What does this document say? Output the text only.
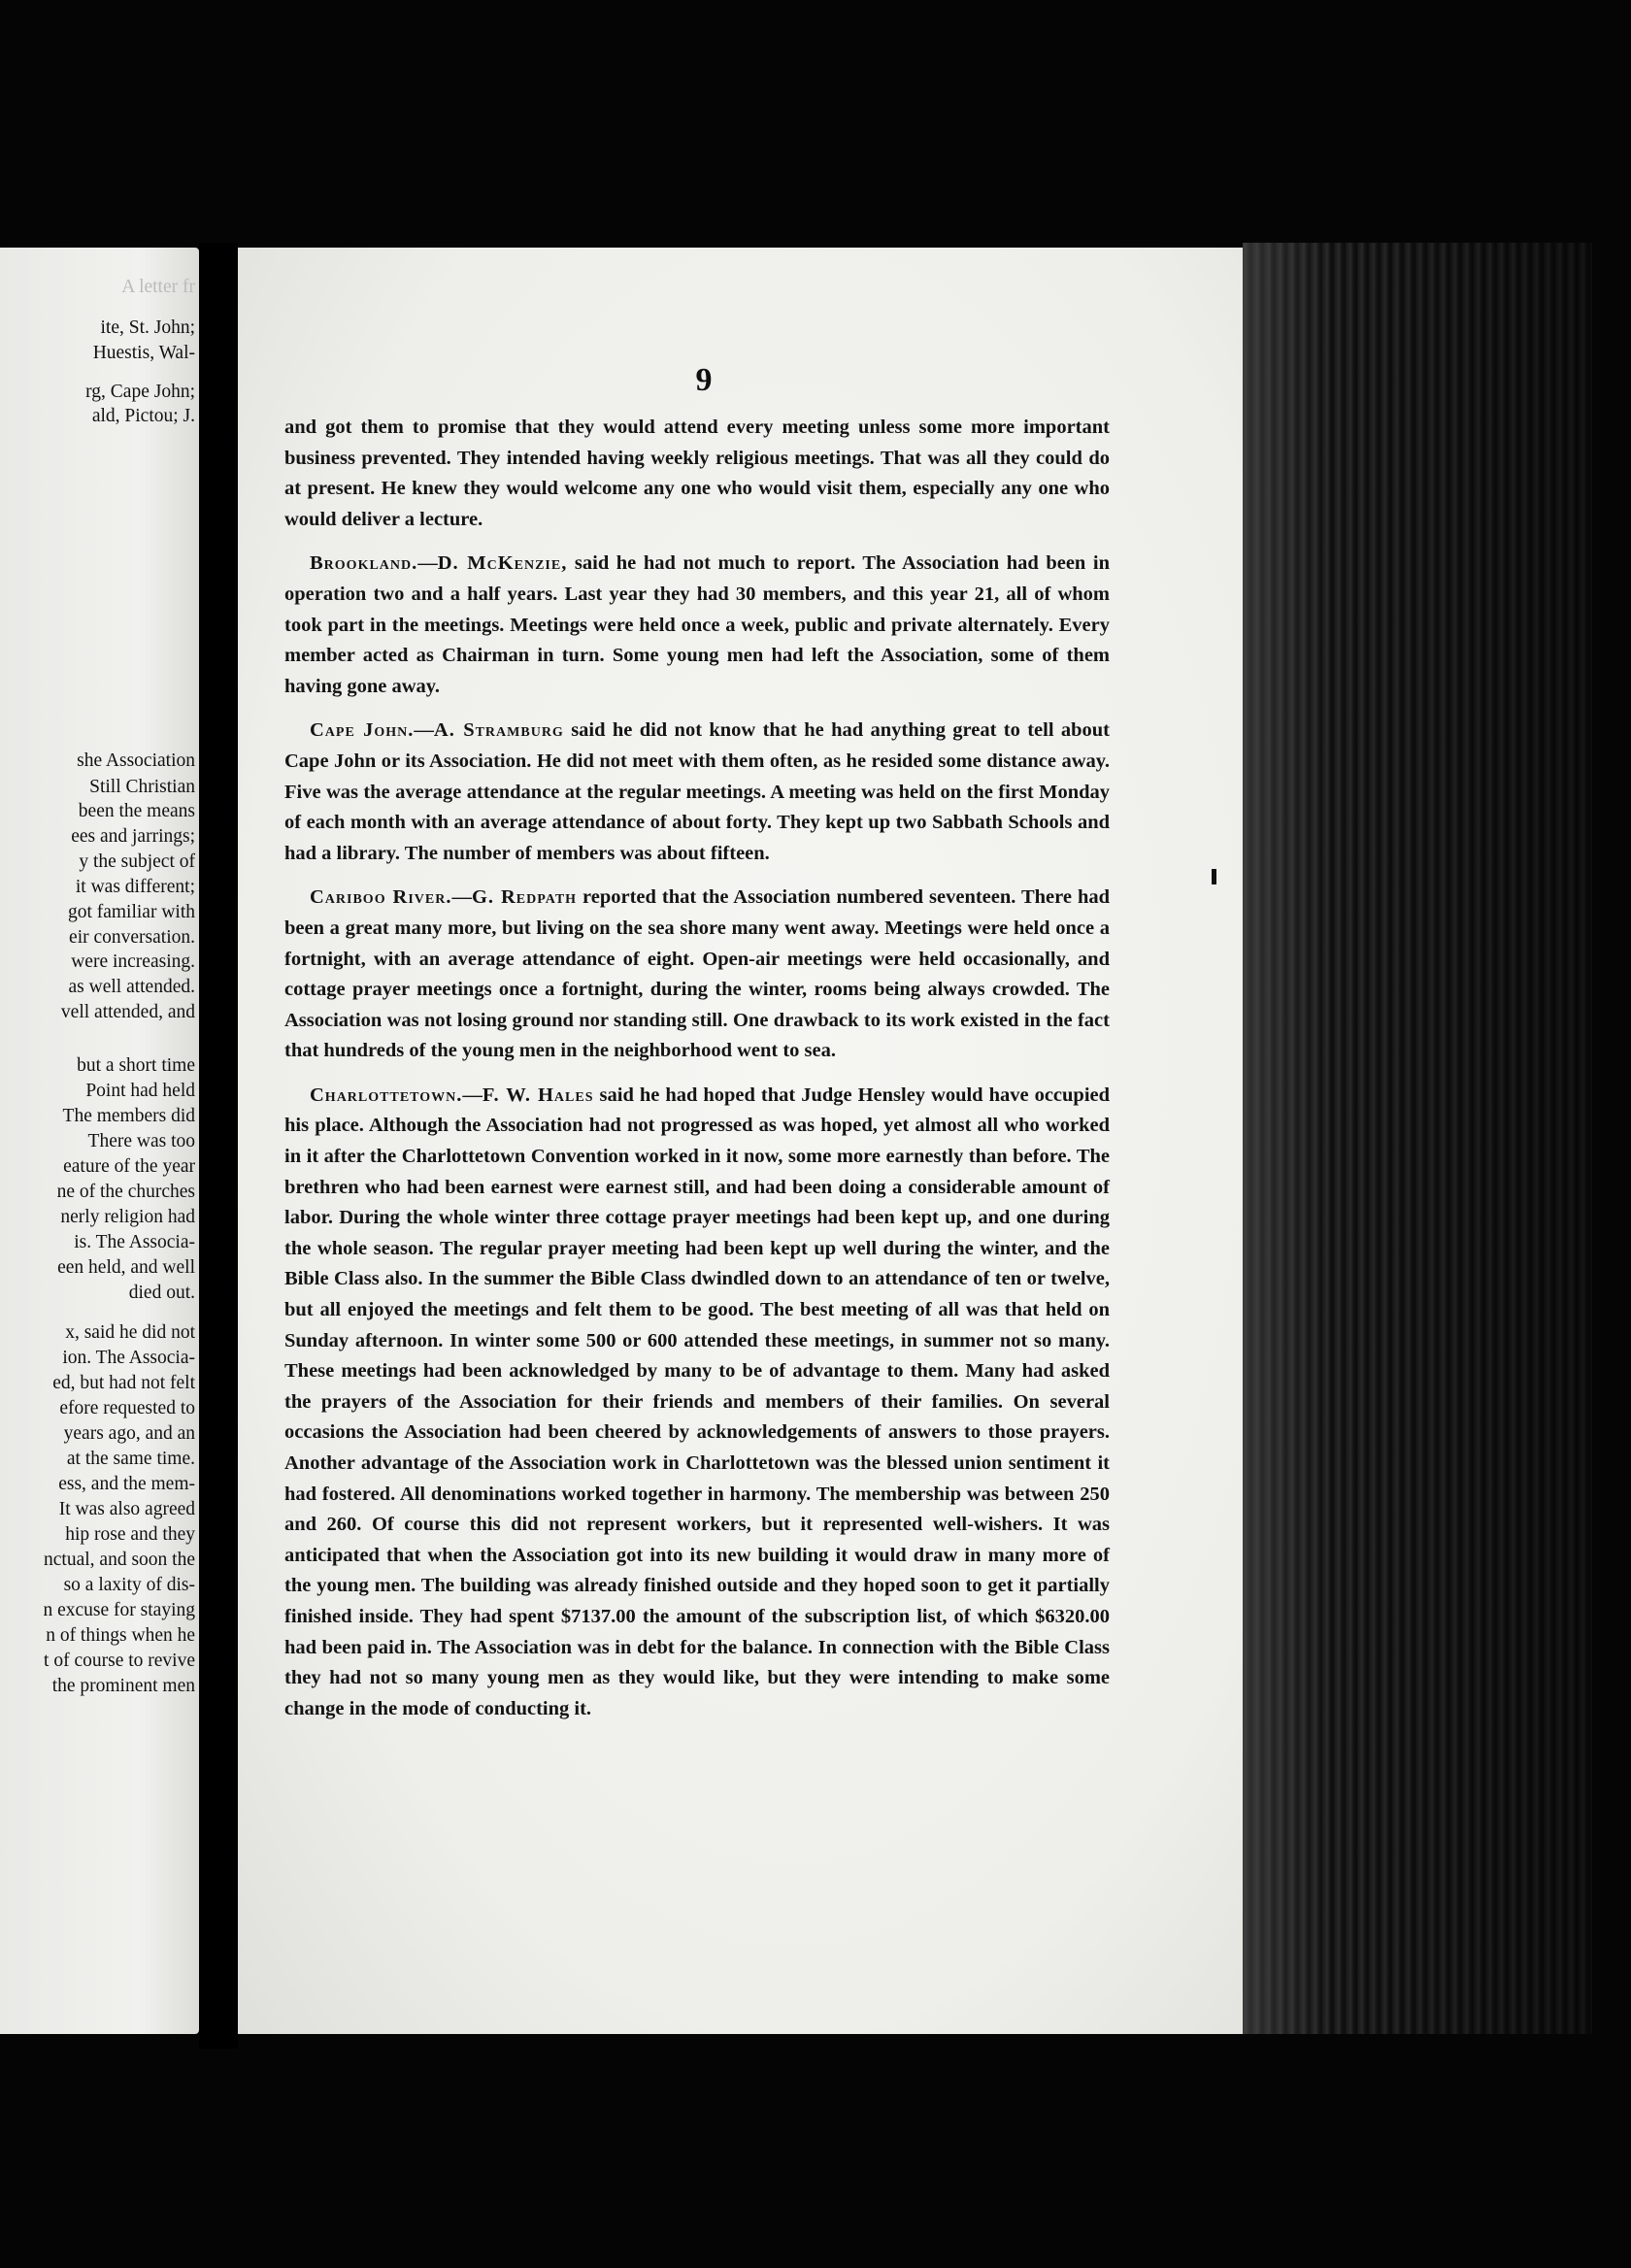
A letter fr
ite, St. John;
Huestis, Wal-
rg, Cape John;
ald, Pictou; J.
she Association
Still Christian
been the means
ees and jarrings;
y the subject of
it was different;
got familiar with
eir conversation.
were increasing.
as well attended.
vell attended, and
but a short time
Point had held
The members did
There was too
eature of the year
ne of the churches
nerly religion had
is. The Associa-
een held, and well
died out.
x, said he did not
ion. The Associa-
ed, but had not felt
efore requested to
years ago, and an
at the same time.
ess, and the mem-
It was also agreed
hip rose and they
nctual, and soon the
so a laxity of dis-
n excuse for staying
n of things when he
t of course to revive
the prominent men
9

and got them to promise that they would attend every meeting unless some more important business prevented. They intended having weekly religious meetings. That was all they could do at present. He knew they would welcome any one who would visit them, especially any one who would deliver a lecture.

Brookland.—D. McKenzie, said he had not much to report. The Association had been in operation two and a half years. Last year they had 30 members, and this year 21, all of whom took part in the meetings. Meetings were held once a week, public and private alternately. Every member acted as Chairman in turn. Some young men had left the Association, some of them having gone away.

Cape John.—A. Stramburg said he did not know that he had anything great to tell about Cape John or its Association. He did not meet with them often, as he resided some distance away. Five was the average attendance at the regular meetings. A meeting was held on the first Monday of each month with an average attendance of about forty. They kept up two Sabbath Schools and had a library. The number of members was about fifteen.

Cariboo River.—G. Redpath reported that the Association numbered seventeen. There had been a great many more, but living on the sea shore many went away. Meetings were held once a fortnight, with an average attendance of eight. Open-air meetings were held occasionally, and cottage prayer meetings once a fortnight, during the winter, rooms being always crowded. The Association was not losing ground nor standing still. One drawback to its work existed in the fact that hundreds of the young men in the neighborhood went to sea.

Charlottetown.—F. W. Hales said he had hoped that Judge Hensley would have occupied his place. Although the Association had not progressed as was hoped, yet almost all who worked in it after the Charlottetown Convention worked in it now, some more earnestly than before. The brethren who had been earnest were earnest still, and had been doing a considerable amount of labor. During the whole winter three cottage prayer meetings had been kept up, and one during the whole season. The regular prayer meeting had been kept up well during the winter, and the Bible Class also. In the summer the Bible Class dwindled down to an attendance of ten or twelve, but all enjoyed the meetings and felt them to be good. The best meeting of all was that held on Sunday afternoon. In winter some 500 or 600 attended these meetings, in summer not so many. These meetings had been acknowledged by many to be of advantage to them. Many had asked the prayers of the Association for their friends and members of their families. On several occasions the Association had been cheered by acknowledgements of answers to those prayers. Another advantage of the Association work in Charlottetown was the blessed union sentiment it had fostered. All denominations worked together in harmony. The membership was between 250 and 260. Of course this did not represent workers, but it represented well-wishers. It was anticipated that when the Association got into its new building it would draw in many more of the young men. The building was already finished outside and they hoped soon to get it partially finished inside. They had spent $7137.00 the amount of the subscription list, of which $6320.00 had been paid in. The Association was in debt for the balance. In connection with the Bible Class they had not so many young men as they would like, but they were intending to make some change in the mode of conducting it.
